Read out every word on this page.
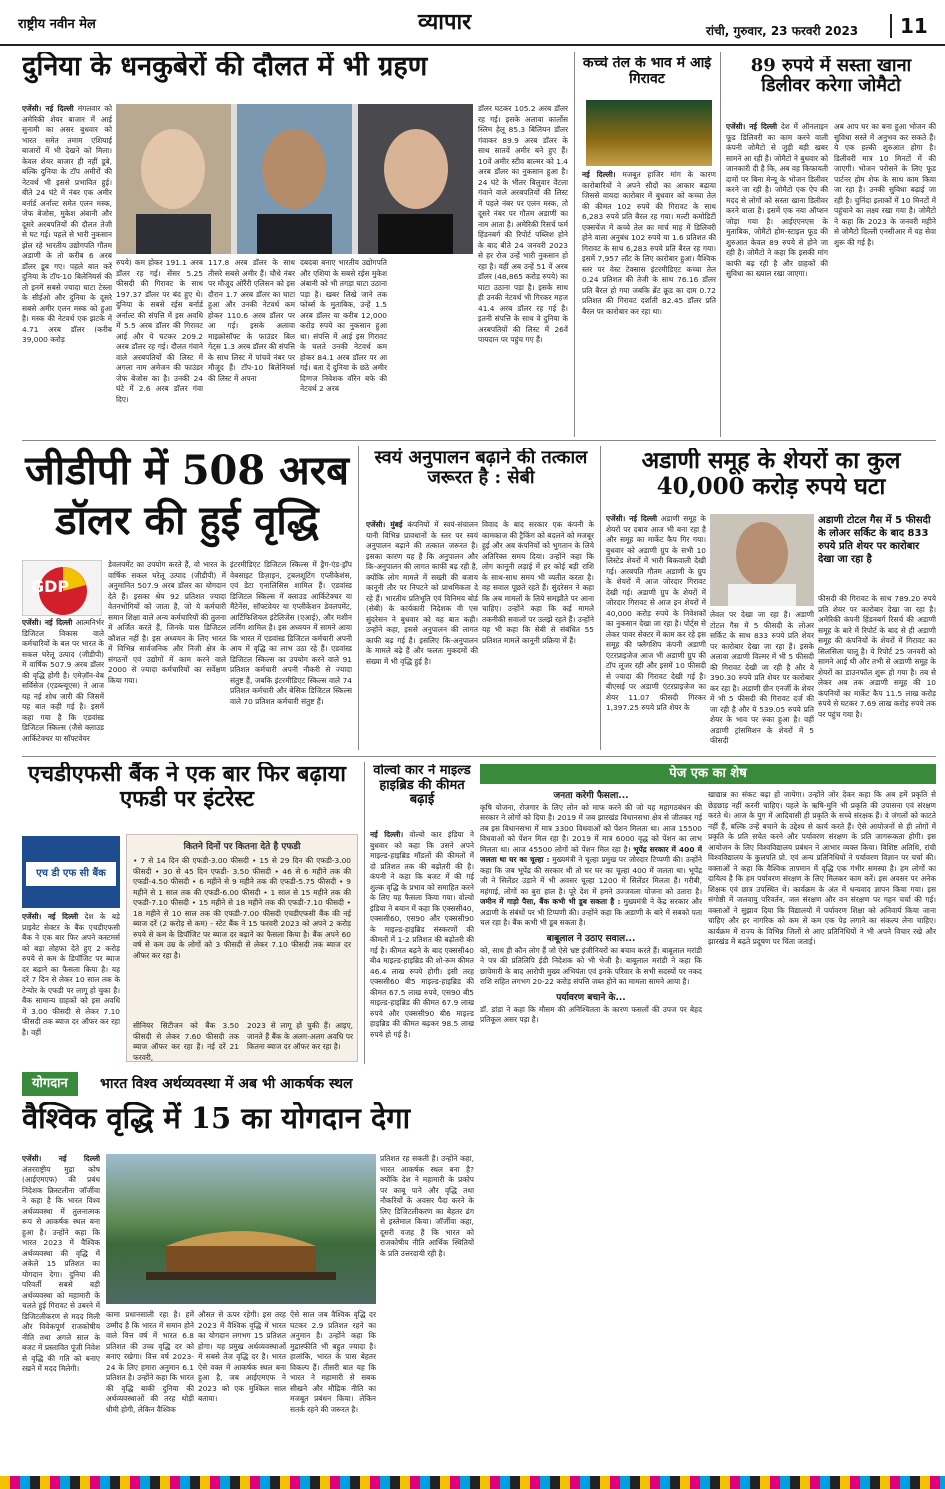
राष्ट्रीय नवीन मेल	व्यापार	रांची, गुरुवार, 23 फरवरी 2023	11
दुनिया के धनकुबेरों की दौलत में भी ग्रहण
एजेंसी। नई दिल्ली मंगलवार को अमेरिकी शेयर बाजार में आई सुनामी का असर बुधवार को भारत समेत तमाम एशियाई बाजारों में भी देखने को मिला। केवल शेयर बाजार ही नहीं डूबे, बल्कि दुनिया के टॉप अमीरों की नेटवर्थ भी इससे प्रभावित हुई। बीते 24 घंटे में नंबर एक अमीर बर्नार्ड अर्नाल्ट समेत एलन मस्क, जेफ बेजोस, मुकेश अंबानी और दूसरे अरबपतियों की दौलत तेजी से घट गई। पहले से भारी नुकसान झेल रहे भारतीय उद्योगपति गौतम अडाणी के तो करीब 6 अरब डॉलर डूब गए। पहले बात करें दुनिया के टॉप-10 बिलेनियर्स की तो इनमें सबसे ज्यादा घाटा टेस्ला के सीईओ और दुनिया के दूसरे सबसे अमीर एलन मस्क को हुआ है। मस्क की नेटवर्थ एक झटके में 4.71 अरब डॉलर (करीब 39,000 करोड़
रुपये) कम होकर 191.1 अरब डॉलर रह गई। सेंसर 5.25 फीसदी की गिरावट के साथ 197.37 डॉलर पर बंद हुए थे। दुनिया के सबसे रईस बर्नार्ड अर्नाल्ट की संपत्ति में इस अवधि में 5.5 अरब डॉलर की गिरावट आई और ये घटकर 209.2 अरब डॉलर रह गई। दौलत गंवाने वाले अरबपतियों की लिस्ट में अगला नाम अमेजन की फाउंडर जेफ बेजोस का है। उनकी 24 घंटे में 2.6 अरब डॉलर गंवा दिए।
117.8 अरब डॉलर के साथ तीसरे सबसे अमीर हैं। चौथे नंबर पर मौजूद ओरैंरी एलिसन को इस दौरान 1.7 अरब डॉलर का घाटा हुआ और उनकी नेटवर्थ कम होकर 110.6 अरब डॉलर पर आ गई। इसके अलावा माइक्रोसॉफ्ट के फाउंडर बिल गेट्स 1.3 अरब डॉलर की संपत्ति के साथ लिस्ट में पांचवें नंबर पर मौजूद हैं। टॉप-10 बिलेनियर्स की लिस्ट में अपना
दबदबा बनाए भारतीय उद्योगपति और एशिया के सबसे रईस मुकेश अंबानी को भी तगड़ा घाटा उठाना पड़ा है। खबर लिखे जाने तक फोर्ब्स के मुताबिक, उन्हें 1.5 अरब डॉलर या करीब 12,000 करोड़ रुपये का नुकसान हुआ था। संपत्ति में आई इस गिरावट के चलते उनकी नेटवर्थ कम होकर 84.1 अरब डॉलर पर आ गई। बता दें दुनिया के छठे अमीर दिग्गज निवेशक वॉरेन बफे की नेटवर्थ 2 अरब
डॉलर घटकर 105.2 अरब डॉलर रह गई। इसके अलावा कार्लोस स्लिम हेलू 85.3 बिलियन डॉलर गंवाकर 89.9 अरब डॉलर के साथ सातवें अमीर बने हुए हैं। 10वें अमीर स्टीव बाल्मर को 1.4 अरब डॉलर का नुकसान हुआ है। 24 घंटे के भीतर बिलुवार वेंटला गंवाने वाले अरबपतियों की लिस्ट में पहले नंबर पर एलन मस्क, तो दूसरे नंबर पर गौतम अडाणी का नाम आता है। अमेरिकी रिसर्च फर्म हिंडनबर्ग की रिपोर्ट पब्लिश होने के बाद बीते 24 जनवरी 2023 से हर रोज उन्हें भारी नुकसान हो रहा है। वहीं अब उन्हें 51 वें अरब डॉलर (48,865 करोड़ रुपये) का घाटा उठाना पड़ा है। इसके साथ ही उनकी नेटवर्थ भी गिरकर महज 41.4 अरब डॉलर रह गई है। इतनी संपत्ति के साथ वे दुनिया के अरबपतियों की लिस्ट में 26वें पायदान पर पहुंच गए हैं।
कच्चे तेल के भाव में आई गिरावट
नई दिल्ली। मजबूत हाजिर मांग के कारण कारोबारियों ने अपने सौदों का आकार बढ़ाया जिससे वायदा कारोबार में बुधवार को कच्चा तेल की कीमत 102 रुपये की गिरावट के साथ 6,283 रुपये प्रति बैरल रह गया। मल्टी कमोडिटी एक्सचेंज में कच्चे तेल का मार्च माह में डिलिवरी होने वाला अनुबंध 102 रुपये या 1.6 प्रतिशत की गिरावट के साथ 6,283 रुपये प्रति बैरल रह गया। इसमें 7,957 लॉट के लिए कारोबार हुआ। वैश्विक स्तर पर वेस्ट टेक्सास इंटरमीडिएट कच्चा तेल 0.24 प्रतिशत की तेजी के साथ 76.16 डॉलर प्रति बैरल हो गया जबकि ब्रेंट क्रूड का दाम 0.72 प्रतिशत की गिरावट दर्शाती 82.45 डॉलर प्रति बैरल पर कारोबार कर रहा था।
89 रुपये में सस्ता खाना डिलीवर करेगा जोमैटो
एजेंसी। नई दिल्ली देश में ऑनलाइन फूड डिलिवरी का काम करने वाली कंपनी जोमैटो से जुड़ी बड़ी खबर सामने आ रही है। जोमैटो ने बुधवार को जानकारी दी है कि, अब वह किफायती दामों पर बिना मेन्यू के भोजन डिलीवर करने जा रही है। जोमैटो एक ऐप की मदद से लोगों को सस्ता खाना डिलीवर करने वाला है। इसमें एक नया ऑप्शन जोड़ा गया है। आईएएनएस के मुताबिक, जोमैटो होम-स्टाइल फूड की शुरुआत केवल 89 रुपये से होने जा रही है। जोमैटो ने कहा कि इसकी मांग काफी बढ़ रही है और ग्राहकों की सुविधा का ख्याल रखा जाएगा।
अब आप घर का बना हुआ भोजन की सुविधा सस्ते में अनुभव कर सकते हैं। ये एक हल्की शुरुआत होगा है। डिलीवरी मात्र 10 मिनटों में की जाएगी। भोजन परोसने के लिए फूड पार्टनर होम शेफ के साथ काम किया जा रहा है। उनकी सुविधा बढ़ाई जा रही है। चुनिंदा इलाकों में 10 मिनटों में पहुंचाने का लक्ष्य रखा गया है। जोमैटो ने कहा कि 2023 के जनवरी महीने से जोमैटो दिल्ली एनसीआर में यह सेवा शुरू की गई है।
जीडीपी में 508 अरब डॉलर की हुई वृद्धि
GDP
एजेंसी। नई दिल्ली आत्मनिर्भर डिजिटल विकास वाले कर्मचारियों के बल पर भारत के सकल घरेलू उत्पाद (जीडीपी) में वार्षिक 507.9 अरब डॉलर की वृद्धि होगी है। एमेज़ॉन-वेब सर्विसेज (एडब्ल्यूएस) ने आज यह नई शोध जारी की जिसमें यह बात कही गई है। इसमें कहा गया है कि एडवांस्ड डिजिटल स्किल्स (जैसे क्लाउड आर्किटेक्चर या सॉफ्टवेयर
डेवलपमेंट का उपयोग करते हैं, वो भारत के वार्षिक सकल घरेलू उत्पाद (जीडीपी) में अनुमानित 507.9 अरब डॉलर का योगदान देते हैं। इसका श्रेय 92 प्रतिशत ज्यादा वेतनभोगियों को जाता है, जो ये कर्मचारी समान शिक्षा वाले अन्य कर्मचारियों की तुलना में अर्जित करते हैं, जिनके पास डिजिटल कौशल नहीं है। इस अध्ययन के लिए भारत में विभिन्न सार्वजनिक और निजी क्षेत्र के संगठनों एवं उद्योगों में काम करने वाले 2000 से ज्यादा कर्मचारियों का सर्वेक्षण किया गया।
इंटरमीडिएट डिजिटल स्किल्स में ड्रैग-एंड-ड्रॉप वेबसाइट डिज़ाइन, ट्रबलशूटिंग एप्लीकेशंस, एवं डेटा एनालिसिस शामिल हैं। एडवांस्ड डिजिटल स्किल्स में क्लाउड आर्किटेक्चर या मैंटेनेंस, सॉफ्टवेयर या एप्लीकेशन डेवलपमेंट, आर्टिफिशियल इंटेलिजेंस (एआई), और मशीन लर्निंग शामिल है। इस अध्ययन में सामने आया कि भारत में एडवांस्ड डिजिटल कर्मचारी अपनी आय में वृद्धि का लाभ उठा रहे हैं। एडवांस्ड डिजिटल स्किल्स का उपयोग करने वाले 91 प्रतिशत कर्मचारी अपनी नौकरी से ज्यादा संतुष्ट हैं, जबकि इंटरमीडिएट स्किल्स वाले 74 प्रतिशत कर्मचारी और बेसिक डिजिटल स्किल्स वाले 70 प्रतिशत कर्मचारी संतुष्ट हैं।
स्वयं अनुपालन बढ़ाने की तत्काल जरूरत है : सेबी
एजेंसी। मुंबई कंपनियों में स्वयं-संचालन यानी विभिन्न प्रावधानों के स्तर पर स्वयं अनुपालन बढ़ाने की तत्काल जरूरत है। इसका कारण यह है कि अनुपालन और कि-अनुपालन की लागत काफी बढ़ रही है, क्योंकि लोग मामले में सख्ती की बजाय कानूनी तौर पर निपटने को प्राथमिकता दे रहे हैं। भारतीय प्रतिभूति एवं विनिमय बोर्ड (सेबी) के कार्यकारी निदेशक वी एस सुंदरेसन ने बुधवार को यह बात कही। उन्होंने कहा, इससे अनुपालन की लागत काफी बढ़ गई है। इसलिए कि-अनुपालन के मामले बढ़े हैं और फलतः मुकदमों की संख्या में भी वृद्धि हुई है।
विवाद के बाद सरकार एक कंपनी के कामकाज की ट्रैकिंग को बदलने को मजबूर हुई और अब कंपनियों को भुगतान के लिये अतिरिक्त समय दिया। उन्होंने कहा कि लोग कानूनी लड़ाई में हर कोई बड़ी राशि के साथ-साथ समय भी व्यतीत करता है। वह सवाल पूछते रहते हैं। सुंदरेसन ने कहा कि अब मामलों के लिये समझौते पर आना चाहिए। उन्होंने कहा कि कई मामले तकनीकी सवालों पर उलझे रहते हैं। उन्होंने यह भी कहा कि सेबी से संबंधित 55 प्रतिशत मामले कानूनी प्रक्रिया में हैं।
अडाणी समूह के शेयरों का कुल 40,000 करोड़ रुपये घटा
एजेंसी। नई दिल्ली अडाणी समूह के शेयरों पर दबाव आज भी बना रहा है और समूह का मार्केट कैप गिर गया। बुधवार को अडाणी ग्रुप के सभी 10 लिस्टेड शेयरों में भारी बिकवाली देखी गई। अरबपति गौतम अडाणी के ग्रुप के शेयरों में आज जोरदार गिरावट देखी गई। अडाणी ग्रुप के शेयरों में जोरदार गिरावट से आज इन शेयरों में 40,000 करोड़ रुपये के निवेशकों का नुकसान देखा जा रहा है। पोर्ट्स से लेकर पावर सेक्टर में काम कर रहे इस समूह की फ्लैगशिप कंपनी अडाणी एंटरप्राइजेज आज भी अडाणी ग्रुप की टॉप लूजर रही और इसमें 10 फीसदी से ज्यादा की गिरावट देखी गई है। बीएसई पर अडाणी एंटरप्राइजेज का शेयर 11.07 फीसदी गिरकर 1,397.25 रुपये प्रति शेयर के
अडाणी टोटल गैस में 5 फीसदी के लोअर सर्किट के बाद 833 रुपये प्रति शेयर पर कारोबार देखा जा रहा है
लेवल पर देखा जा रहा है। अडाणी टोटल गैस में 5 फीसदी के लोअर सर्किट के साथ 833 रुपये प्रति शेयर पर कारोबार देखा जा रहा है। इसके अलावा अडाणी विल्मर में भी 5 फीसदी की गिरावट देखी जा रही है और ये 390.30 रुपये प्रति शेयर पर कारोबार कर रहा है। अडाणी ग्रीन एनर्जी के शेयर में भी 5 फीसदी की गिरावट दर्ज की जा रही है और ये 539.05 रुपये प्रति शेयर के भाव पर रुका हुआ है। वहीं अडाणी ट्रांसमिशन के शेयरों में 5 फीसदी
फीसदी की गिरावट के साथ 789.20 रुपये प्रति शेयर पर कारोबार देखा जा रहा है। अमेरिकी कंपनी हिंडनबर्ग रिसर्च की अडाणी समूह के बारे में रिपोर्ट के बाद से ही अडाणी समूह की कंपनियों के शेयरों में गिरावट का सिलसिला चालू है। ये रिपोर्ट 25 जनवरी को सामने आई थी और तभी से अडाणी समूह के शेयरों का डाउनफॉल शुरू हो गया है। तब से लेकर अब तक अडाणी समूह की 10 कंपनियों का मार्केट कैप 11.5 लाख करोड़ रुपये से घटकर 7.69 लाख करोड़ रुपये तक पर पहुंच गया है।
एचडीएफसी बैंक ने एक बार फिर बढ़ाया एफडी पर इंटरेस्ट
एच डी एफ सी बैंक
एजेंसी। नई दिल्ली देश के बड़े प्राइवेट सेक्टर के बैंक एचडीएफसी बैंक ने एक बार फिर अपने कस्टमर्स को बड़ा तोहफा देते हुए 2 करोड़ रुपये से कम के डिपॉजिट पर ब्याज दर बढ़ाने का फैसला किया है। यह दरें 7 दिन से लेकर 10 साल तक के टेन्योर के एफडी पर लागू हो चुका है। बैंक सामान्य ग्राहकों को इस अवधि में 3.00 फीसदी से लेकर 7.10 फीसदी तक ब्याज दर ऑफर कर रहा है। वहीं
कितने दिनों पर कितना देते है एफडी
• 7 से 14 दिन की एफडी-3.00 फीसदी • 15 से 29 दिन की एफडी-3.00 फीसदी • 30 से 45 दिन एफडी- 3.50 फीसदी • 46 से 6 महीने तक की एफडी-4.50 फीसदी • 6 महीने से 9 महीने तक की एफडी-5.75 फीसदी • 9 महीने से 1 साल तक की एफडी-6.00 फीसदी • 1 साल से 15 महीने तक की एफडी-7.10 फीसदी • 15 महीने से 18 महीने तक की एफडी-7.10 फीसदी • 18 महीने से 10 साल तक की एफडी-7.00 फीसदी एचडीएफसी बैंक की नई ब्याज दरें (2 करोड़ से कम) - स्टेट बैंक ने 15 फरवरी 2023 को अपने 2 करोड़ रुपये से कम के डिपॉजिट पर ब्याज दर बढ़ाने का फैसला किया है। बैंक अपने 60 वर्ष से कम उम्र के लोगों को 3 फीसदी से लेकर 7.10 फीसदी तक ब्याज दर ऑफर कर रहा है।
सीनियर सिटीजन को बैंक 3.50 फीसदी से लेकर 7.60 फीसदी तक ब्याज ऑफर कर रहा है। नई दरें 21 फरवरी,
2023 से लागू हो चुकी हैं। आइए, जानते हैं बैंक के अलग-अलग अवधि पर कितना ब्याज दर ऑफर कर रहा है।
वोल्वो कार ने माइल्ड हाइब्रिड की कीमत बढ़ाई
नई दिल्ली। वोल्वो कार इंडिया ने बुधवार को कहा कि उसने अपने माइल्ड-हाइब्रिड मॉडलों की कीमतों में दो प्रतिशत तक की बढ़ोतरी की है। कंपनी ने कहा कि बजट में की गई शुल्क वृद्धि के प्रभाव को समाहित करने के लिए यह फैसला किया गया। वोल्वो इंडिया ने बयान में कहा कि एक्ससी40, एक्ससी60, एस90 और एक्ससी90 के माइल्ड-हाइब्रिड संस्करणों की कीमतों में 1-2 प्रतिशत की बढ़ोतरी की गई है। कीमत बढ़ने के बाद एक्ससी40 बी4 माइल्ड-हाइब्रिड की शो-रूम कीमत 46.4 लाख रुपये होगी। इसी तरह एक्ससी60 बी5 माइल्ड-हाइब्रिड की कीमत 67.5 लाख रुपये, एस90 बी5 माइल्ड-हाइब्रिड की कीमत 67.9 लाख रुपये और एक्ससी90 बी6 माइल्ड हाइब्रिड की कीमत बढ़कर 98.5 लाख रुपये हो गई है।
पेज एक का शेष
जनता करेगी फैसला...
कृषि योजना, रोजगार के लिए लोन को माफ करने की जो यह महागठबंधन की सरकार ने लोगों को दिया है। 2019 में जब झारखंड विधानसभा क्षेत्र से जीतकर गई तब इस विधानसभा में मात्र 3300 विधवाओं को पेंशन मिलता था। आज 15500 विधवाओं को पेंशन मिल रहा है। 2019 में मात्र 6000 वृद्ध को पेंशन का लाभ मिलता था। आज 45500 लोगों को पेंशन मिल रहा है। भूपेंद्र सरकार में 400 में जलता था घर का चूल्हा : मुख्यमंत्री ने चूल्हा प्रमुख पर जोरदार टिप्पणी की। उन्होंने कहा कि जब भूपेंद्र की सरकार थी तो घर घर का चूल्हा 400 में जलता था। भूपेंद्र जी ने सिलेंडर उड़ाने में भी अवसर चूल्हा 1200 में सिलेंडर मिलता है। गरीबी, महंगाई, लोगों का बुरा हाल है। पूरे देश में हमने उज्जवला योजना को उतारा है। जमीन में गाड़ो पैसा, बैंक कभी भी डूब सकता है : मुख्यमंत्री ने केंद्र सरकार और अडाणी के संबंधों पर भी टिप्पणी की। उन्होंने कहा कि अडाणी के बारे में सबको पता चल रहा है। बैंक कभी भी डूब सकता है।
बाबूलाल ने उठाए सवाल...
को, साथ ही कौन लोग हैं जो ऐसे भ्रष्ट इंजीनियरों का बचाव करते हैं। बाबूलाल मरांडी ने पत्र की प्रतिलिपि ईडी निदेशक को भी भेजी है। बाबूलाल मरांडी ने कहा कि छापेमारी के बाद आरोपी मुख्य अभियंता एवं इनके परिवार के सभी सदस्यों पर नकद राशि सहित लगभग 20-22 करोड़ संपत्ति जब्त होने का मामला सामने आया है।
पर्यावरण बचाने के...
डॉ. डांडा ने कहा कि मौसम की अनिश्चितता के कारण फसलों की उपज पर बेहद प्रतिकूल असर पड़ा है।
खाद्यान्न का संकट बढ़ा हो जायेगा। उन्होंने जोर देकर कहा कि अब हमें प्रकृति से छेड़छाड़ नहीं करनी चाहिए। पहले के ऋषि-मुनि भी प्रकृति की उपासना एवं संरक्षण करते थे। आज के युग में आदिवासी ही प्रकृति के सच्चे संरक्षक हैं। वे जंगलों को काटते नहीं हैं, बल्कि उन्हें बचाने के उद्देश्य से कार्य करते हैं। ऐसे आयोजनों से ही लोगों में प्रकृति के प्रति सचेत करने और पर्यावरण संरक्षण के प्रति जागरूकता होगी। इस आयोजन के लिए विश्वविद्यालय प्रबंधन ने आभार व्यक्त किया। विशिष्ट अतिथि, रांची विश्वविद्यालय के कुलपति प्रो. एवं अन्य प्रतिनिधियों ने पर्यावरण विज्ञान पर चर्चा की। वक्ताओं ने कहा कि वैश्विक तापमान में वृद्धि एक गंभीर समस्या है। हम लोगों का दायित्व है कि हम पर्यावरण संरक्षण के लिए मिलकर काम करें। इस अवसर पर अनेक शिक्षक एवं छात्र उपस्थित थे। कार्यक्रम के अंत में धन्यवाद ज्ञापन किया गया। इस संगोष्ठी में जलवायु परिवर्तन, जल संरक्षण और वन संरक्षण पर गहन चर्चा की गई। वक्ताओं ने सुझाव दिया कि विद्यालयों में पर्यावरण शिक्षा को अनिवार्य किया जाना चाहिए और हर नागरिक को कम से कम एक पेड़ लगाने का संकल्प लेना चाहिए। कार्यक्रम में राज्य के विभिन्न जिलों से आए प्रतिनिधियों ने भी अपने विचार रखे और झारखंड में बढ़ते प्रदूषण पर चिंता जताई।
योगदान	भारत विश्व अर्थव्यवस्था में अब भी आकर्षक स्थल
वैश्विक वृद्धि में 15 का योगदान देगा
एजेंसी। नई दिल्ली अंतरराष्ट्रीय मुद्रा कोष (आईएमएफ) की प्रबंध निदेशक क्रिस्टलीना जॉर्जीवा ने कहा है कि भारत विश्व अर्थव्यवस्था में तुलनात्मक रूप से आकर्षक स्थल बना हुआ है। उन्होंने कहा कि भारत 2023 में वैश्विक अर्थव्यवस्था की वृद्धि में अकेले 15 प्रतिशत का योगदान देगा। दुनिया की परिवर्ती सबसे बड़ी अर्थव्यवस्था को महामारी के चलते हुई गिरावट से उबरने में डिजिटलीकरण से मदद मिली और विवेकपूर्ण राजकोषीय नीति तथा अगले साल के बजट में प्रस्तावित पूंजी निवेश से वृद्धि की गति को बनाए रखने में मदद मिलेगी।
प्रतिशत रह सकती है। उन्होंने कहा, भारत आकर्षक स्थल बना है? क्योंकि देश ने महामारी के प्रकोप पर काबू पाने और वृद्धि तथा नौकरियों के अवसर पैदा करने के लिए डिजिटलीकरण का बेहतर ढंग से इस्तेमाल किया। जॉर्जीवा कहा, दूसरी वजह है कि भारत को राजकोषीय नीति आर्थिक स्थितियों के प्रति उत्तरदायी रही है।
कामा प्रधानसाली रहा है। हमें उम्मीद है कि भारत में समान होने वाले वित्त वर्ष में भारत 6.8 प्रतिशत की उच्च वृद्धि दर को बनाए रखेगा। वित्त वर्ष 2023-24 के लिए हमारा अनुमान 6.1 प्रतिशत है। उन्होंने कहा कि भारत की वृद्धि बाकी दुनिया की अर्थव्यवस्थाओं की तरह थोड़ी धीमी होगी, लेकिन वैश्विक
औसत से ऊपर रहेगी। इस तरह 2023 में वैश्विक वृद्धि में भारत का योगदान लगभग 15 प्रतिशत होगा। यह प्रमुख अर्थव्यवस्थाओं में सबसे तेज वृद्धि दर है। भारत ऐसे वक्त में आकर्षक स्थल बना हुआ है, जब आईएमएफ ने 2023 को एक मुश्किल साल बताया।
ऐसे साल जब वैश्विक वृद्धि दर घटकर 2.9 प्रतिशत रहने का अनुमान है। उन्होंने कहा कि मुद्रास्फीति भी बहुत ज्यादा है। हालांकि, भारत के पास बेहतर विकल्प हैं। तीसरी बात यह कि भारत ने महामारी से सबक सीखने और मौद्रिक नीति का मजबूत प्रबंधन किया। लेकिन सतर्क रहने की जरूरत है।
